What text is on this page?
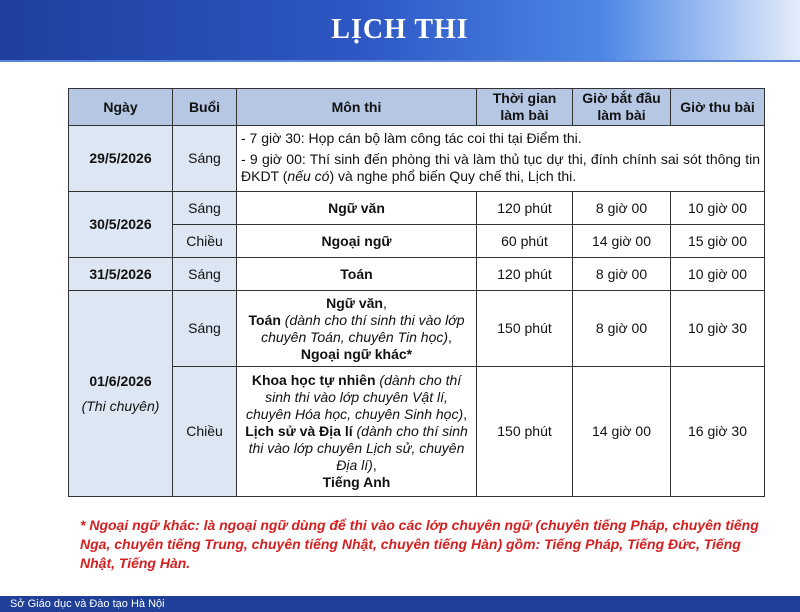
LỊCH THI
Ngày	Buổi	Môn thi	Thời gian làm bài	Giờ bắt đầu làm bài	Giờ thu bài
29/5/2026	Sáng	- 7 giờ 30: Họp cán bộ làm công tác coi thi tại Điểm thi.

- 9 giờ 00: Thí sinh đến phòng thi và làm thủ tục dự thi, đính chính sai sót thông tin ĐKDT (nếu có) và nghe phổ biến Quy chế thi, Lịch thi.			

30/5/2026	Sáng	Ngữ văn	120 phút	8 giờ 00	10 giờ 00
	Chiều	Ngoại ngữ	60 phút	14 giờ 00	15 giờ 00
31/5/2026	Sáng	Toán	120 phút	8 giờ 00	10 giờ 00
01/6/2026
(Thi chuyên)	Sáng	Ngữ văn,
Toán (dành cho thí sinh thi vào lớp chuyên Toán, chuyên Tin học),
Ngoại ngữ khác*	150 phút	8 giờ 00	10 giờ 30
	Chiều	Khoa học tự nhiên (dành cho thí sinh thi vào lớp chuyên Vật lí, chuyên Hóa học, chuyên Sinh học),
Lịch sử và Địa lí (dành cho thí sinh thi vào lớp chuyên Lịch sử, chuyên Địa lí),
Tiếng Anh	150 phút	14 giờ 00	16 giờ 30
* Ngoại ngữ khác: là ngoại ngữ dùng để thi vào các lớp chuyên ngữ (chuyên tiếng Pháp, chuyên tiếng Nga, chuyên tiếng Trung, chuyên tiếng Nhật, chuyên tiếng Hàn) gồm: Tiếng Pháp, Tiếng Đức, Tiếng Nhật, Tiếng Hàn.
Sở Giáo dục và Đào tạo Hà Nội
